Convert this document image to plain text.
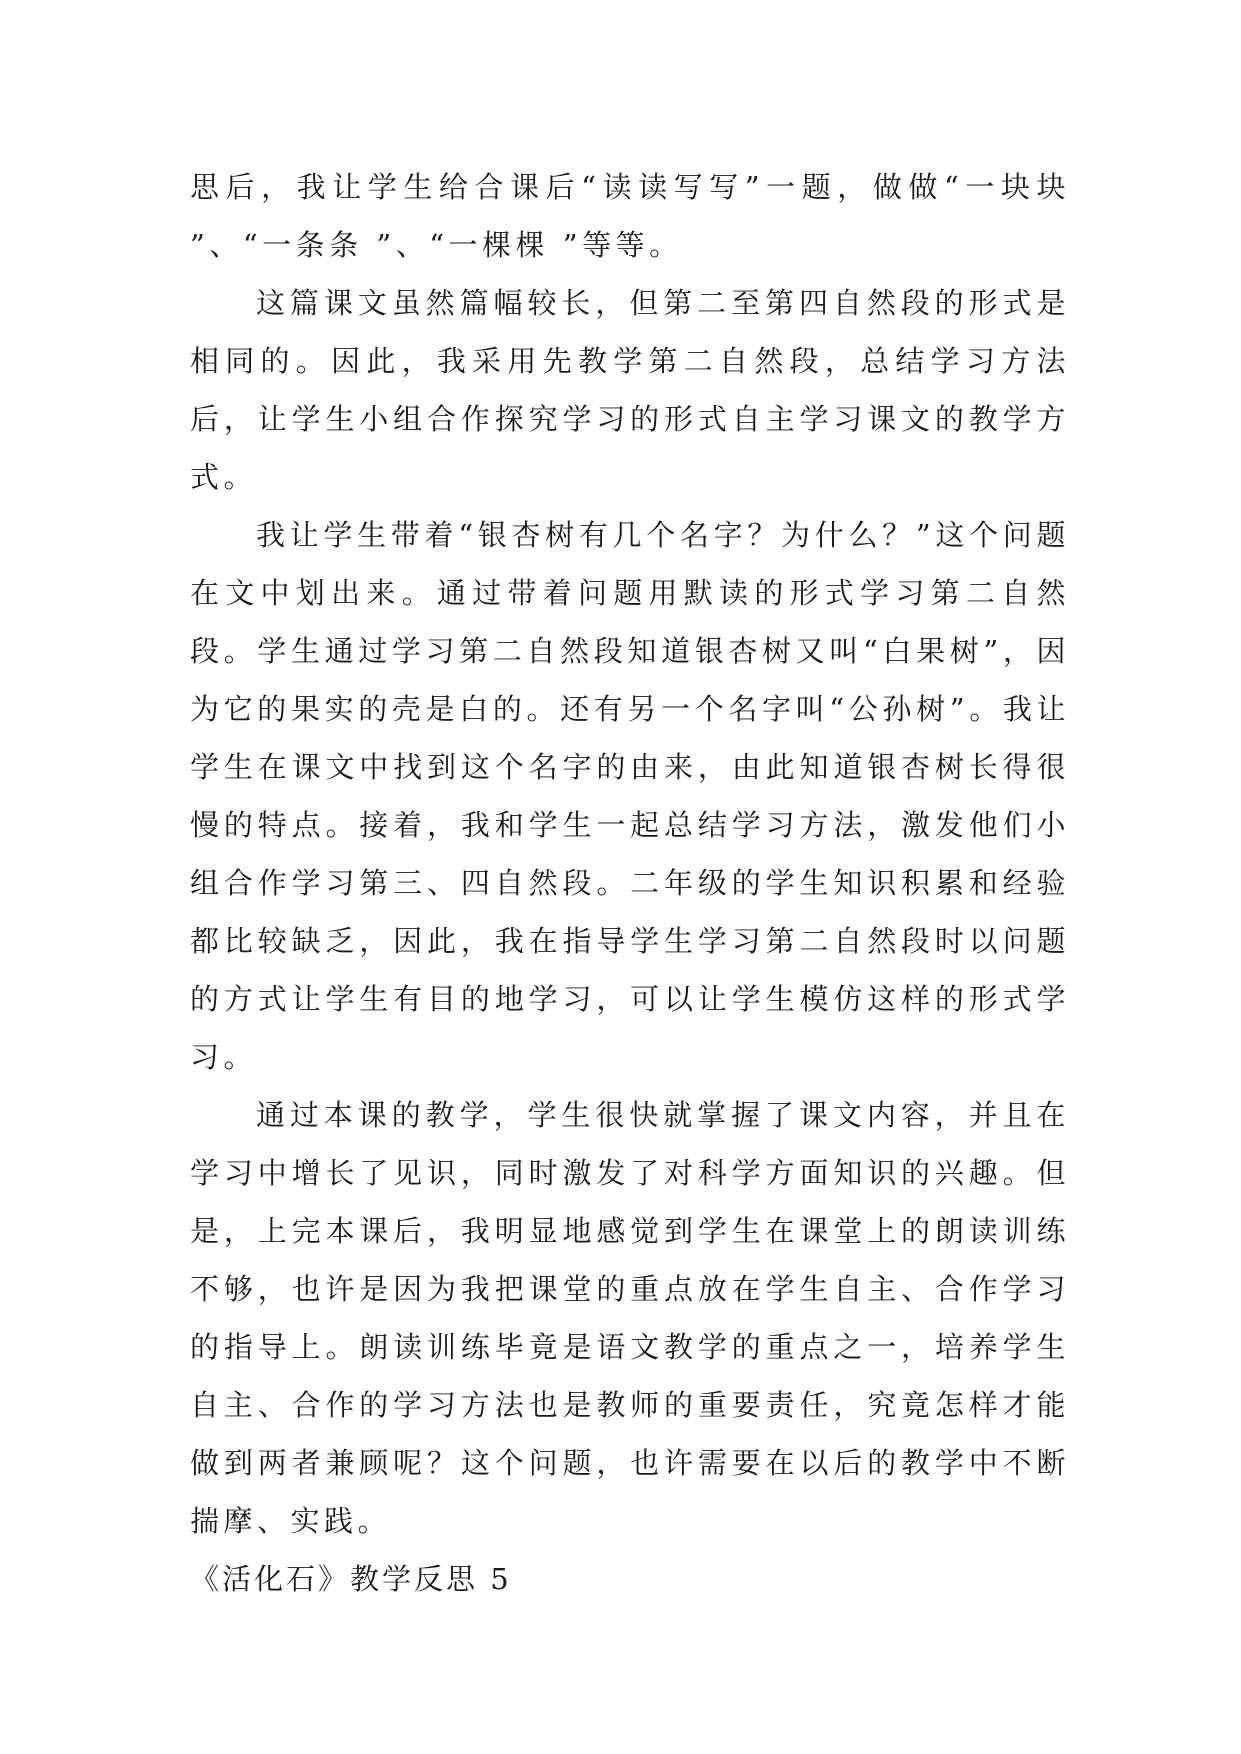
思后，我让学生给合课后“读读写写”一题，做做“一块块 ”、“一条条 ”、“一棵棵 ”等等。

这篇课文虽然篇幅较长，但第二至第四自然段的形式是相同的。因此，我采用先教学第二自然段，总结学习方法后，让学生小组合作探究学习的形式自主学习课文的教学方式。

我让学生带着“银杏树有几个名字？为什么？”这个问题在文中划出来。通过带着问题用默读的形式学习第二自然段。学生通过学习第二自然段知道银杏树又叫“白果树”，因为它的果实的壳是白的。还有另一个名字叫“公孙树”。我让学生在课文中找到这个名字的由来，由此知道银杏树长得很慢的特点。接着，我和学生一起总结学习方法，激发他们小组合作学习第三、四自然段。二年级的学生知识积累和经验都比较缺乏，因此，我在指导学生学习第二自然段时以问题的方式让学生有目的地学习，可以让学生模仿这样的形式学习。

通过本课的教学，学生很快就掌握了课文内容，并且在学习中增长了见识，同时激发了对科学方面知识的兴趣。但是，上完本课后，我明显地感觉到学生在课堂上的朗读训练不够，也许是因为我把课堂的重点放在学生自主、合作学习的指导上。朗读训练毕竟是语文教学的重点之一，培养学生自主、合作的学习方法也是教师的重要责任，究竟怎样才能做到两者兼顾呢？这个问题，也许需要在以后的教学中不断揣摩、实践。

《活化石》教学反思 5
